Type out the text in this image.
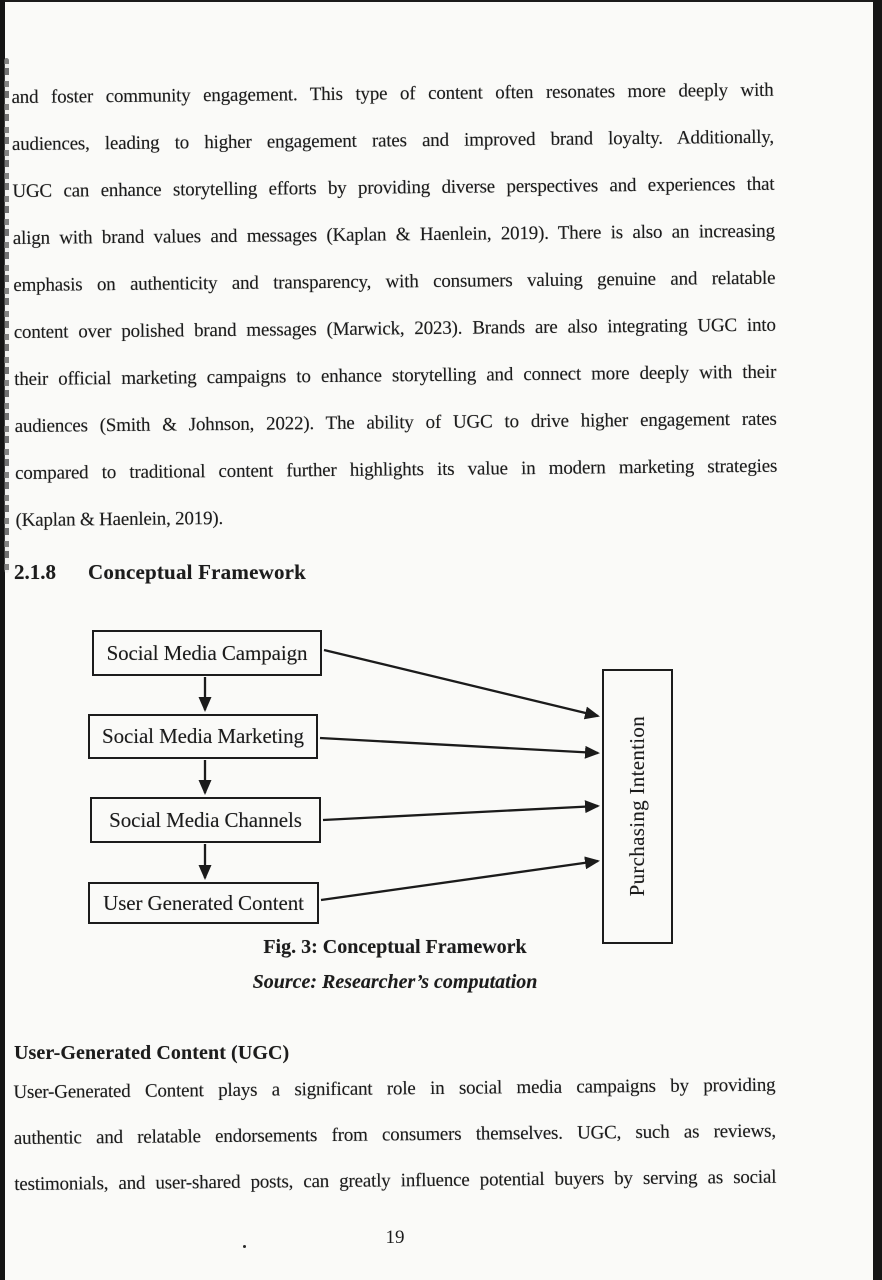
and foster community engagement. This type of content often resonates more deeply with
audiences, leading to higher engagement rates and improved brand loyalty. Additionally,
UGC can enhance storytelling efforts by providing diverse perspectives and experiences that
align with brand values and messages (Kaplan & Haenlein, 2019). There is also an increasing
emphasis on authenticity and transparency, with consumers valuing genuine and relatable
content over polished brand messages (Marwick, 2023). Brands are also integrating UGC into
their official marketing campaigns to enhance storytelling and connect more deeply with their
audiences (Smith & Johnson, 2022). The ability of UGC to drive higher engagement rates
compared to traditional content further highlights its value in modern marketing strategies
(Kaplan & Haenlein, 2019).
2.1.8 Conceptual Framework
Social Media Campaign
Social Media Marketing
Social Media Channels
User Generated Content
Purchasing Intention
Fig. 3: Conceptual Framework
Source: Researcher’s computation
User-Generated Content (UGC)
User-Generated Content plays a significant role in social media campaigns by providing
authentic and relatable endorsements from consumers themselves. UGC, such as reviews,
testimonials, and user-shared posts, can greatly influence potential buyers by serving as social
19
